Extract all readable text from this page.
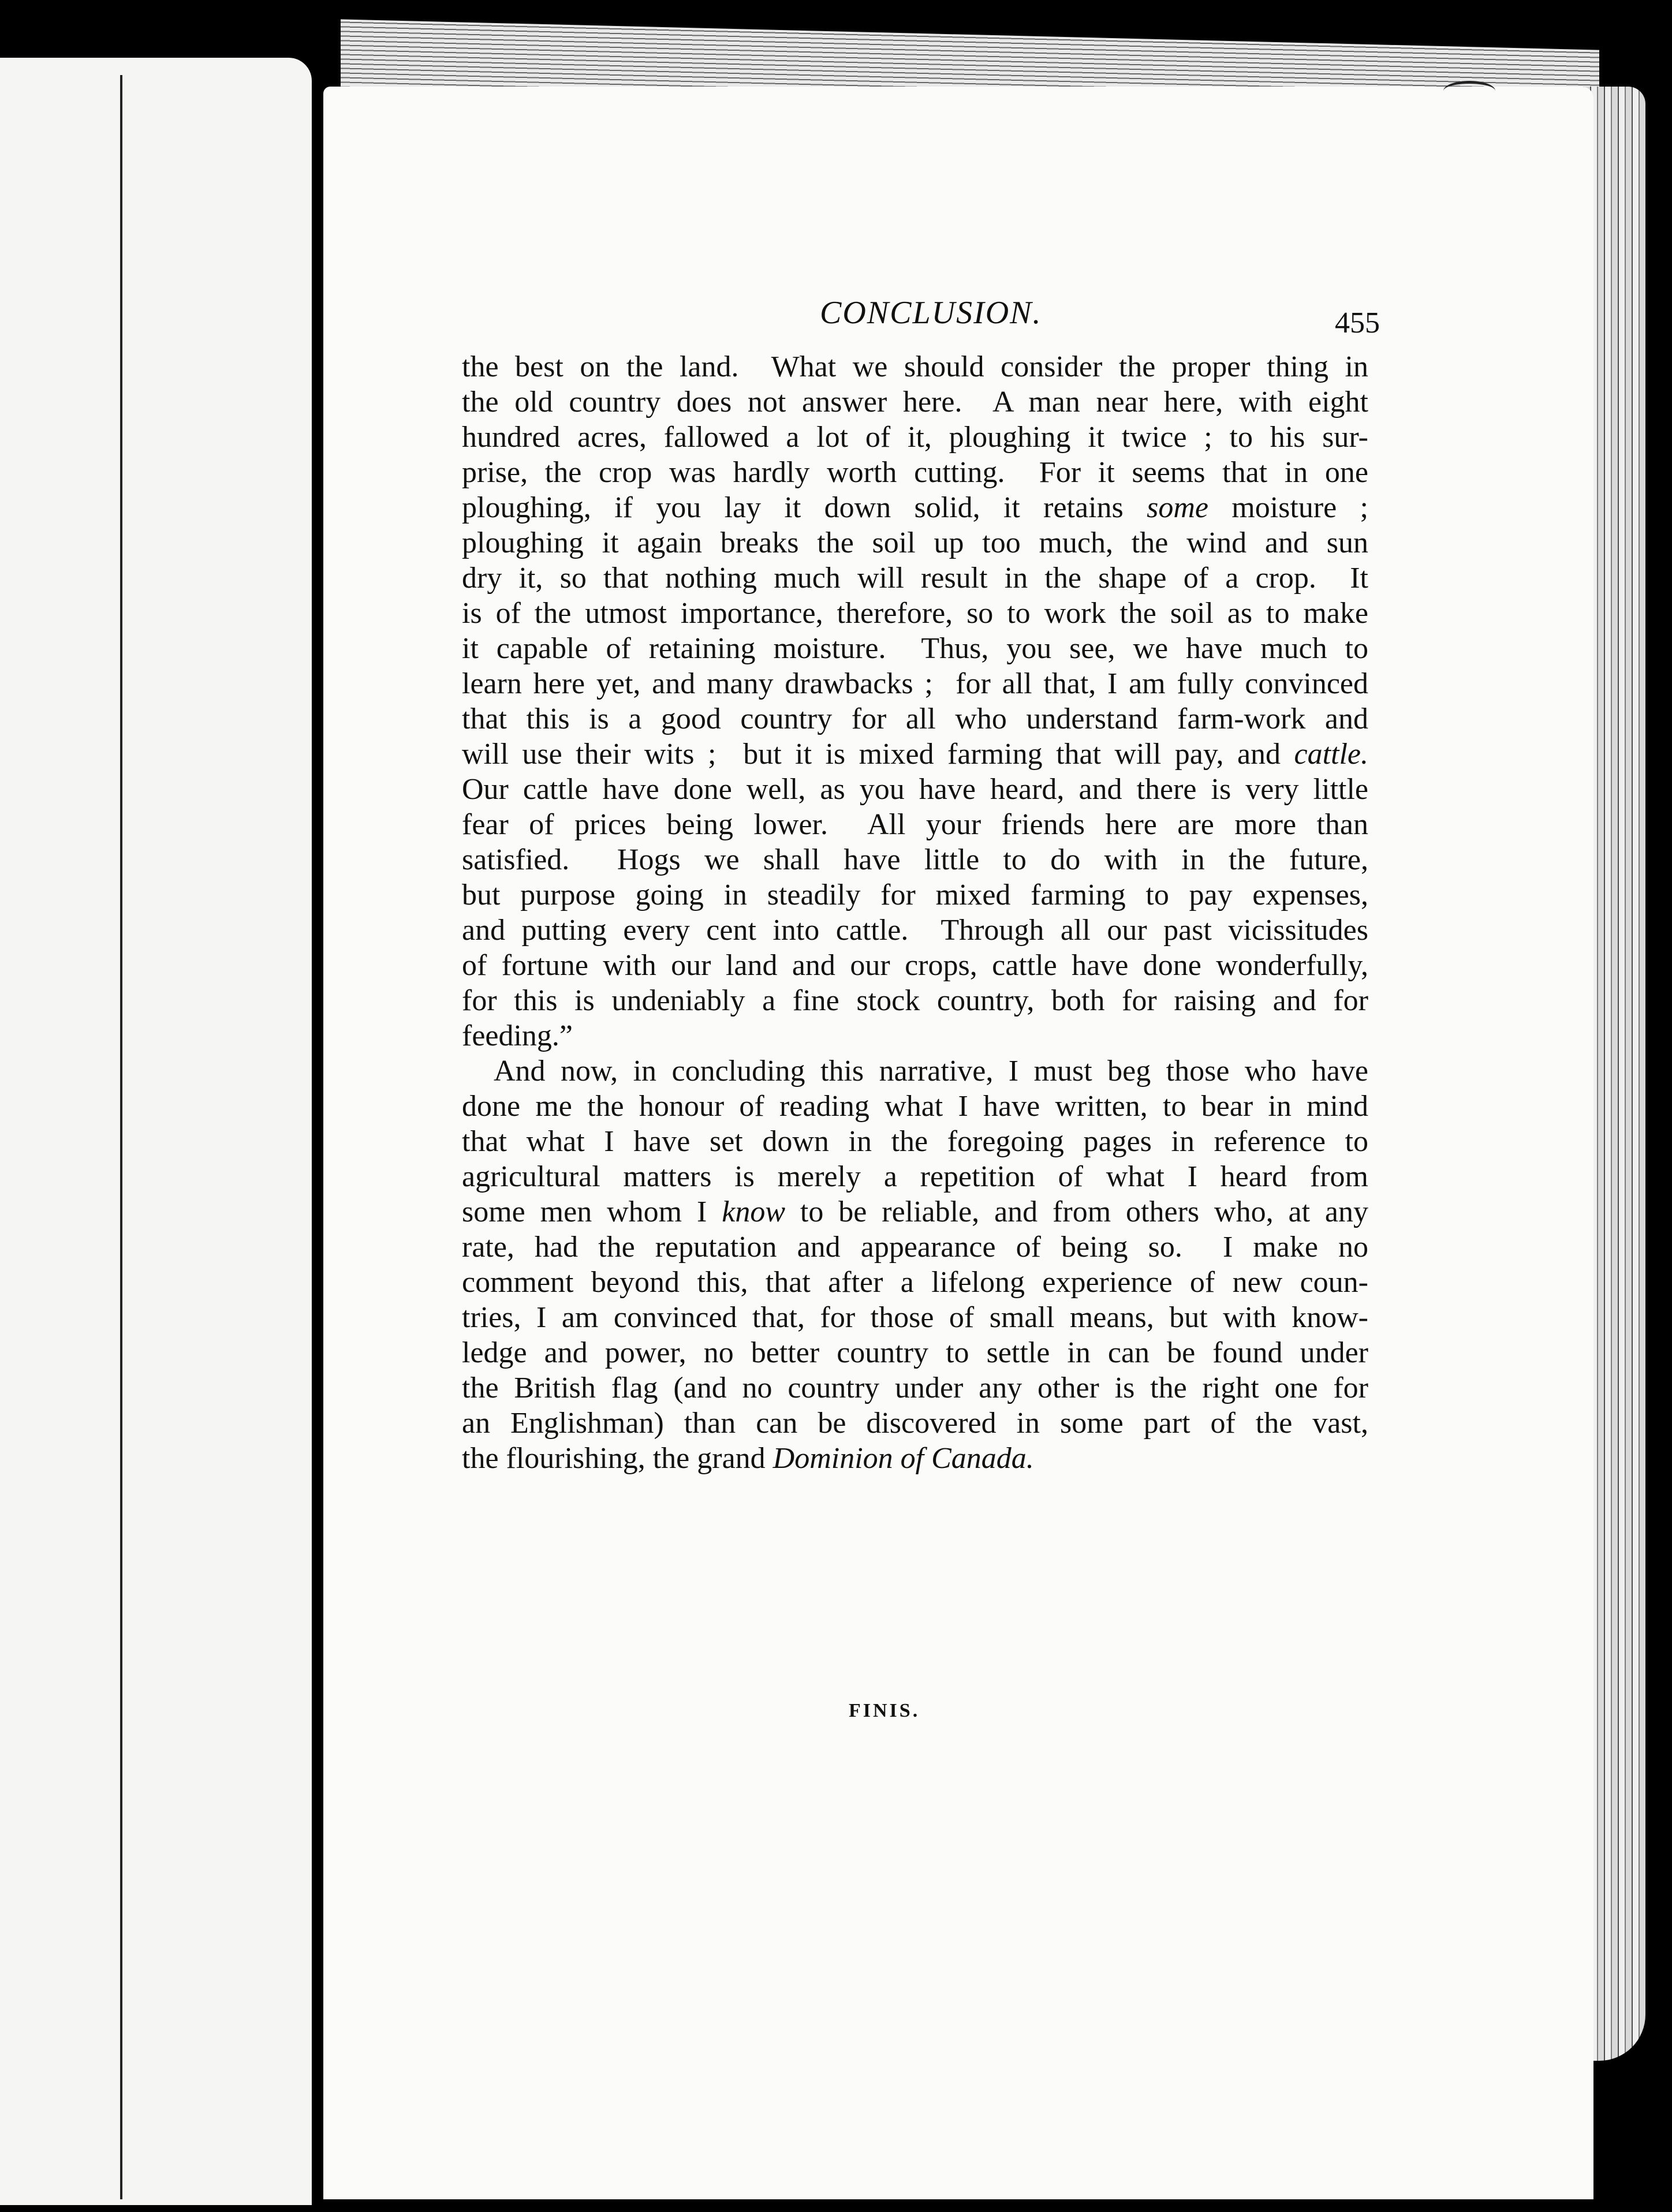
CONCLUSION.	455

the best on the land.  What we should consider the proper thing in
the old country does not answer here.  A man near here, with eight
hundred acres, fallowed a lot of it, ploughing it twice ; to his sur-
prise, the crop was hardly worth cutting.  For it seems that in one
ploughing, if you lay it down solid, it retains some moisture ;
ploughing it again breaks the soil up too much, the wind and sun
dry it, so that nothing much will result in the shape of a crop.  It
is of the utmost importance, therefore, so to work the soil as to make
it capable of retaining moisture.  Thus, you see, we have much to
learn here yet, and many drawbacks ;  for all that, I am fully convinced
that this is a good country for all who understand farm-work and
will use their wits ;  but it is mixed farming that will pay, and cattle.
Our cattle have done well, as you have heard, and there is very little
fear of prices being lower.  All your friends here are more than
satisfied.  Hogs we shall have little to do with in the future,
but purpose going in steadily for mixed farming to pay expenses,
and putting every cent into cattle.  Through all our past vicissitudes
of fortune with our land and our crops, cattle have done wonderfully,
for this is undeniably a fine stock country, both for raising and for
feeding.”

And now, in concluding this narrative, I must beg those who have
done me the honour of reading what I have written, to bear in mind
that what I have set down in the foregoing pages in reference to
agricultural matters is merely a repetition of what I heard from
some men whom I know to be reliable, and from others who, at any
rate, had the reputation and appearance of being so.  I make no
comment beyond this, that after a lifelong experience of new coun-
tries, I am convinced that, for those of small means, but with know-
ledge and power, no better country to settle in can be found under
the British flag (and no country under any other is the right one for
an Englishman) than can be discovered in some part of the vast,
the flourishing, the grand Dominion of Canada.

FINIS.
